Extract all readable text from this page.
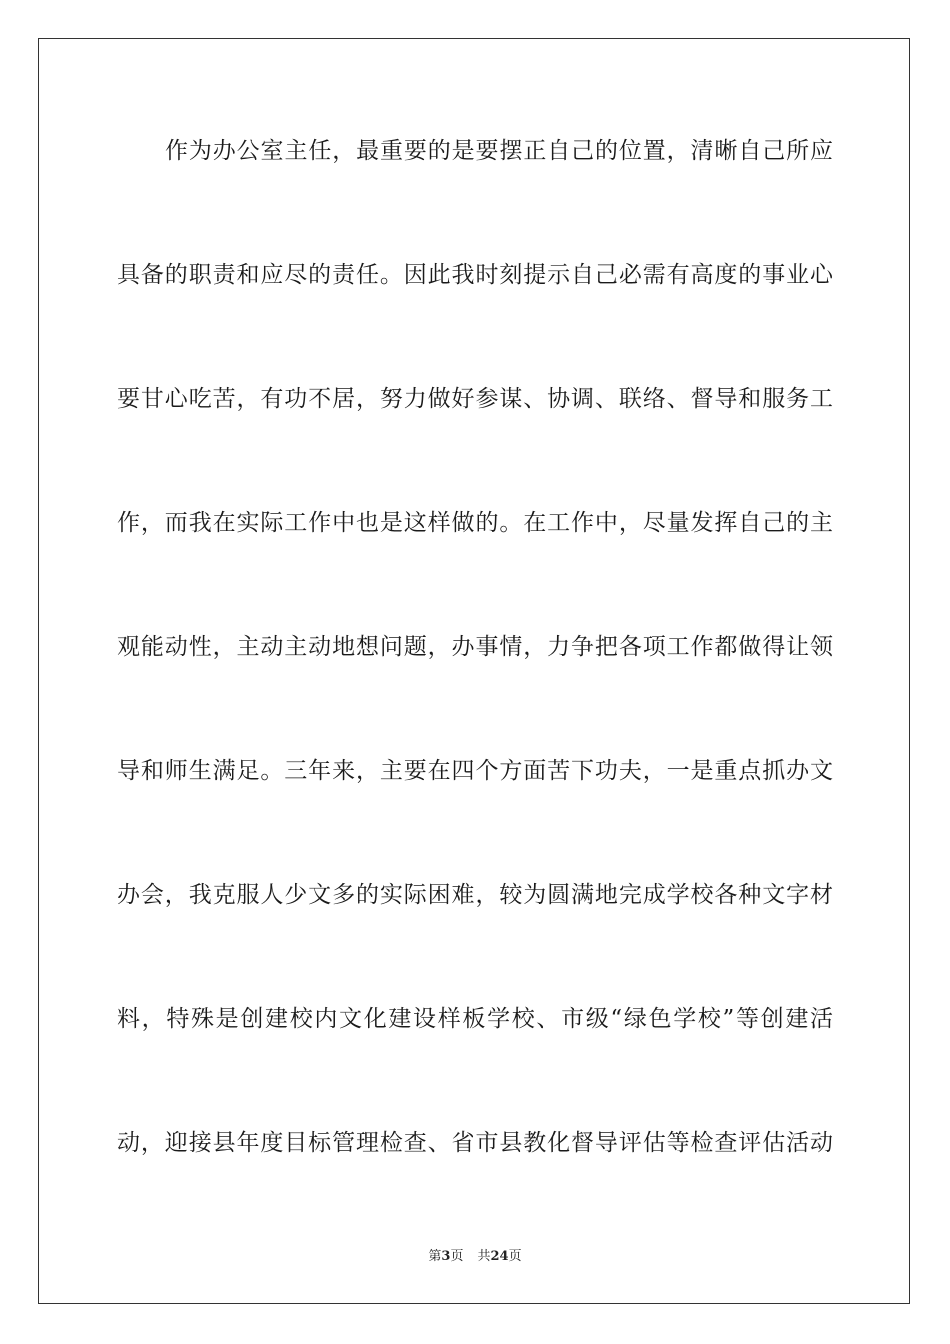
作为办公室主任，最重要的是要摆正自己的位置，清晰自己所应
具备的职责和应尽的责任。因此我时刻提示自己必需有高度的事业心
要甘心吃苦，有功不居，努力做好参谋、协调、联络、督导和服务工
作，而我在实际工作中也是这样做的。在工作中，尽量发挥自己的主
观能动性，主动主动地想问题，办事情，力争把各项工作都做得让领
导和师生满足。三年来，主要在四个方面苦下功夫，一是重点抓办文
办会，我克服人少文多的实际困难，较为圆满地完成学校各种文字材
料，特殊是创建校内文化建设样板学校、市级“绿色学校”等创建活
动，迎接县年度目标管理检查、省市县教化督导评估等检查评估活动
第3页 共24页
